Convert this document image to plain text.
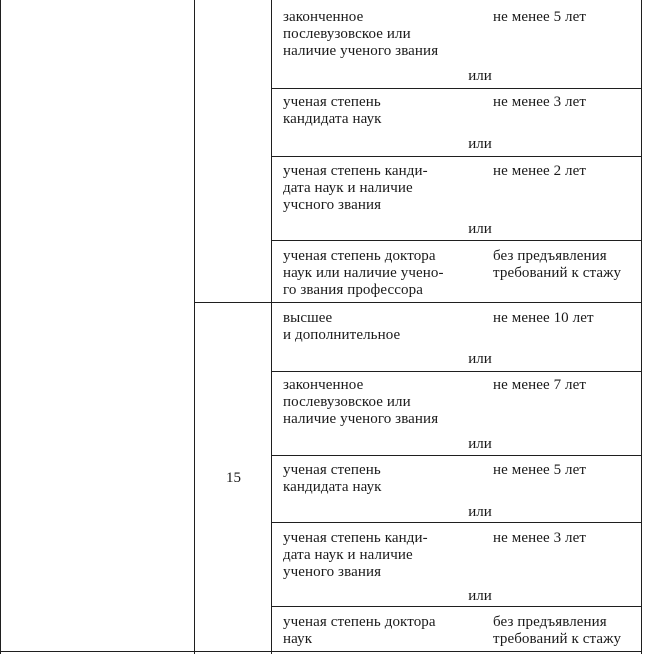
законченное
послевузовское или
наличие ученого звания
не менее 5 лет
или
ученая степень
кандидата наук
не менее 3 лет
или
ученая степень канди-
дата наук и наличие
учсного звания
не менее 2 лет
или
ученая степень доктора
наук или наличие учено-
го звания профессора
без предъявления
требований к стажу
15
высшее
и дополнительное
не менее 10 лет
или
законченное
послевузовское или
наличие ученого звания
не менее 7 лет
или
ученая степень
кандидата наук
не менее 5 лет
или
ученая степень канди-
дата наук и наличие
ученого звания
не менее 3 лет
или
ученая степень доктора
наук
без предъявления
требований к стажу
